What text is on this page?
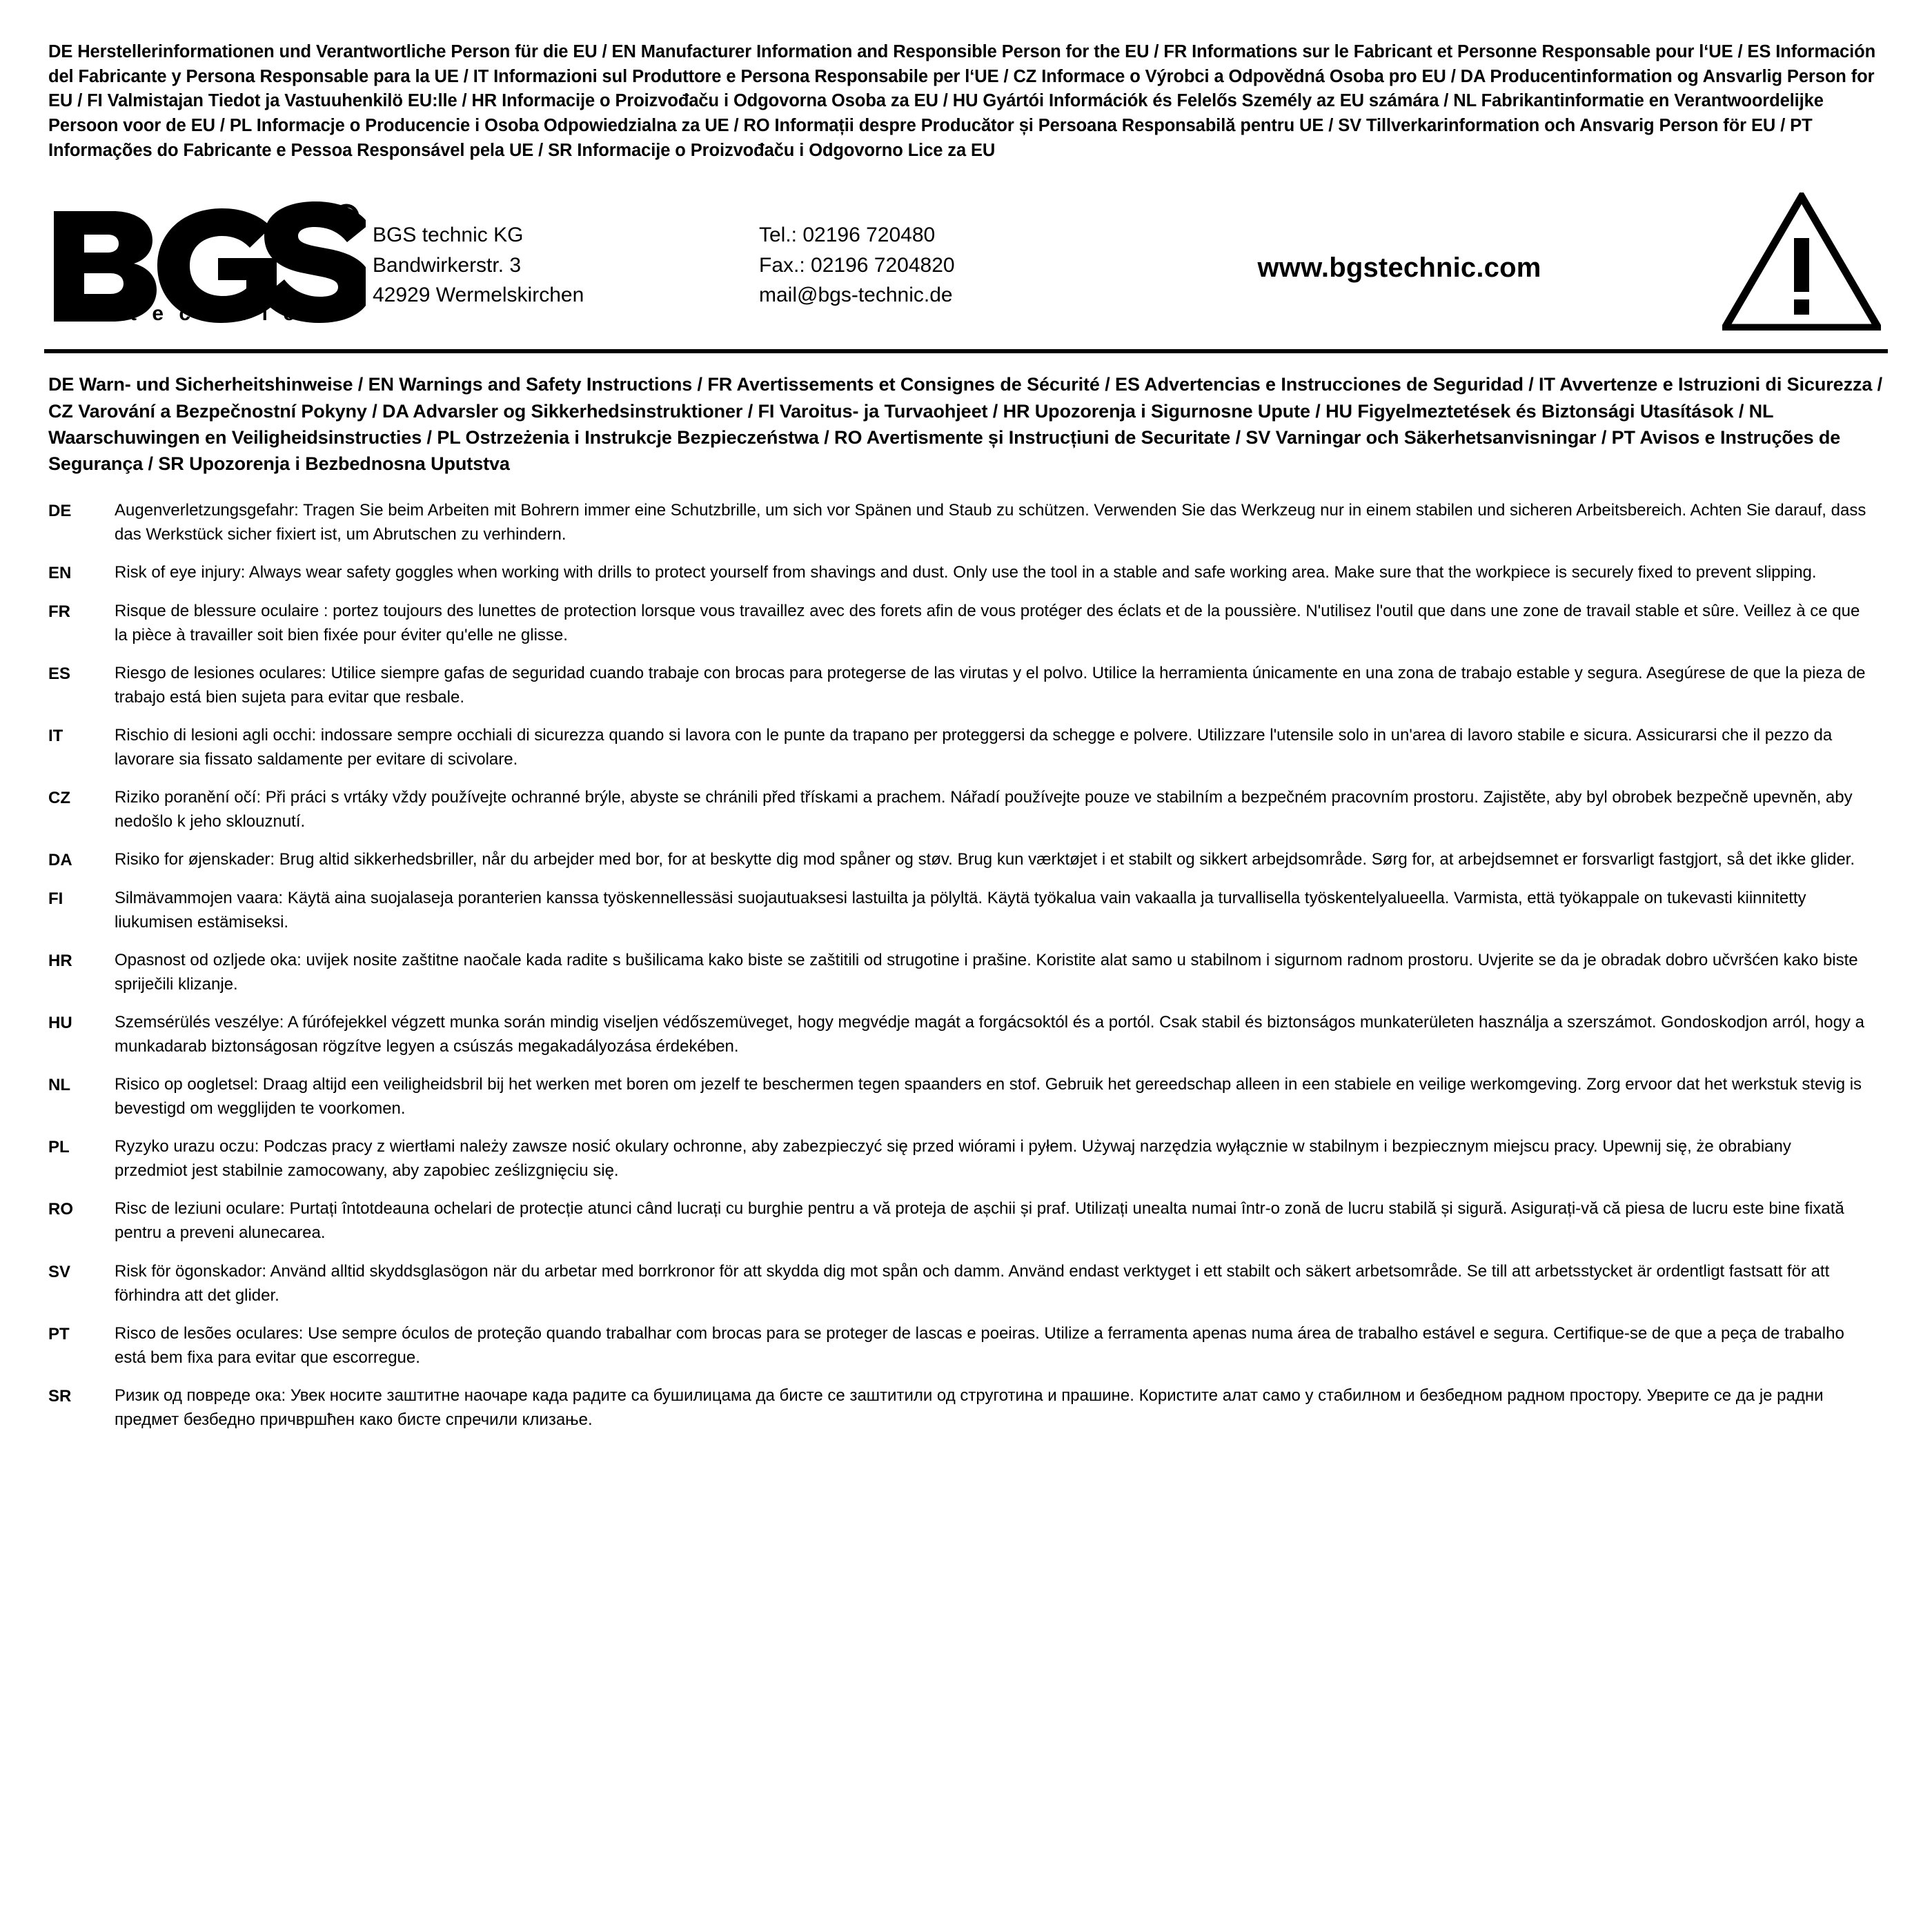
DE Herstellerinformationen und Verantwortliche Person für die EU / EN Manufacturer Information and Responsible Person for the EU / FR Informations sur le Fabricant et Personne Responsable pour l‘UE / ES Información del Fabricante y Persona Responsable para la UE / IT Informazioni sul Produttore e Persona Responsabile per l‘UE / CZ Informace o Výrobci a Odpovědná Osoba pro EU / DA Producentinformation og Ansvarlig Person for EU / FI Valmistajan Tiedot ja Vastuuhenkilö EU:lle / HR Informacije o Proizvođaču i Odgovorna Osoba za EU / HU Gyártói Információk és Felelős Személy az EU számára / NL Fabrikantinformatie en Verantwoordelijke Persoon voor de EU / PL Informacje o Producencie i Osoba Odpowiedzialna za UE / RO Informații despre Producător și Persoana Responsabilă pentru UE / SV Tillverkarinformation och Ansvarig Person för EU / PT Informações do Fabricante e Pessoa Responsável pela UE / SR Informacije o Proizvođaču i Odgovorno Lice za EU
R
t e c h n i c
BGS technic KG
Bandwirkerstr. 3
42929 Wermelskirchen
Tel.: 02196 720480
Fax.: 02196 7204820
mail@bgs-technic.de
www.bgstechnic.com
DE Warn- und Sicherheitshinweise / EN Warnings and Safety Instructions / FR Avertissements et Consignes de Sécurité / ES Advertencias e Instrucciones de Seguridad / IT Avvertenze e Istruzioni di Sicurezza / CZ Varování a Bezpečnostní Pokyny / DA Advarsler og Sikkerhedsinstruktioner / FI Varoitus- ja Turvaohjeet / HR Upozorenja i Sigurnosne Upute / HU Figyelmeztetések és Biztonsági Utasítások / NL Waarschuwingen en Veiligheidsinstructies / PL Ostrzeżenia i Instrukcje Bezpieczeństwa / RO Avertismente și Instrucțiuni de Securitate / SV Varningar och Säkerhetsanvisningar / PT Avisos e Instruções de Segurança / SR Upozorenja i Bezbednosna Uputstva
DE	Augenverletzungsgefahr: Tragen Sie beim Arbeiten mit Bohrern immer eine Schutzbrille, um sich vor Spänen und Staub zu schützen. Verwenden Sie das Werkzeug nur in einem stabilen und sicheren Arbeitsbereich. Achten Sie darauf, dass das Werkstück sicher fixiert ist, um Abrutschen zu verhindern.
EN	Risk of eye injury: Always wear safety goggles when working with drills to protect yourself from shavings and dust. Only use the tool in a stable and safe working area. Make sure that the workpiece is securely fixed to prevent slipping.
FR	Risque de blessure oculaire : portez toujours des lunettes de protection lorsque vous travaillez avec des forets afin de vous protéger des éclats et de la poussière. N'utilisez l'outil que dans une zone de travail stable et sûre. Veillez à ce que la pièce à travailler soit bien fixée pour éviter qu'elle ne glisse.
ES	Riesgo de lesiones oculares: Utilice siempre gafas de seguridad cuando trabaje con brocas para protegerse de las virutas y el polvo. Utilice la herramienta únicamente en una zona de trabajo estable y segura. Asegúrese de que la pieza de trabajo está bien sujeta para evitar que resbale.
IT	Rischio di lesioni agli occhi: indossare sempre occhiali di sicurezza quando si lavora con le punte da trapano per proteggersi da schegge e polvere. Utilizzare l'utensile solo in un'area di lavoro stabile e sicura. Assicurarsi che il pezzo da lavorare sia fissato saldamente per evitare di scivolare.
CZ	Riziko poranění očí: Při práci s vrtáky vždy používejte ochranné brýle, abyste se chránili před třískami a prachem. Nářadí používejte pouze ve stabilním a bezpečném pracovním prostoru. Zajistěte, aby byl obrobek bezpečně upevněn, aby nedošlo k jeho sklouznutí.
DA	Risiko for øjenskader: Brug altid sikkerhedsbriller, når du arbejder med bor, for at beskytte dig mod spåner og støv. Brug kun værktøjet i et stabilt og sikkert arbejdsområde. Sørg for, at arbejdsemnet er forsvarligt fastgjort, så det ikke glider.
FI	Silmävammojen vaara: Käytä aina suojalaseja poranterien kanssa työskennellessäsi suojautuaksesi lastuilta ja pölyltä. Käytä työkalua vain vakaalla ja turvallisella työskentelyalueella. Varmista, että työkappale on tukevasti kiinnitetty liukumisen estämiseksi.
HR	Opasnost od ozljede oka: uvijek nosite zaštitne naočale kada radite s bušilicama kako biste se zaštitili od strugotine i prašine. Koristite alat samo u stabilnom i sigurnom radnom prostoru. Uvjerite se da je obradak dobro učvršćen kako biste spriječili klizanje.
HU	Szemsérülés veszélye: A fúrófejekkel végzett munka során mindig viseljen védőszemüveget, hogy megvédje magát a forgácsoktól és a portól. Csak stabil és biztonságos munkaterületen használja a szerszámot. Gondoskodjon arról, hogy a munkadarab biztonságosan rögzítve legyen a csúszás megakadályozása érdekében.
NL	Risico op oogletsel: Draag altijd een veiligheidsbril bij het werken met boren om jezelf te beschermen tegen spaanders en stof. Gebruik het gereedschap alleen in een stabiele en veilige werkomgeving. Zorg ervoor dat het werkstuk stevig is bevestigd om wegglijden te voorkomen.
PL	Ryzyko urazu oczu: Podczas pracy z wiertłami należy zawsze nosić okulary ochronne, aby zabezpieczyć się przed wiórami i pyłem. Używaj narzędzia wyłącznie w stabilnym i bezpiecznym miejscu pracy. Upewnij się, że obrabiany przedmiot jest stabilnie zamocowany, aby zapobiec ześlizgnięciu się.
RO	Risc de leziuni oculare: Purtați întotdeauna ochelari de protecție atunci când lucrați cu burghie pentru a vă proteja de așchii și praf. Utilizați unealta numai într-o zonă de lucru stabilă și sigură. Asigurați-vă că piesa de lucru este bine fixată pentru a preveni alunecarea.
SV	Risk för ögonskador: Använd alltid skyddsglasögon när du arbetar med borrkronor för att skydda dig mot spån och damm. Använd endast verktyget i ett stabilt och säkert arbetsområde. Se till att arbetsstycket är ordentligt fastsatt för att förhindra att det glider.
PT	Risco de lesões oculares: Use sempre óculos de proteção quando trabalhar com brocas para se proteger de lascas e poeiras. Utilize a ferramenta apenas numa área de trabalho estável e segura. Certifique-se de que a peça de trabalho está bem fixa para evitar que escorregue.
SR	Ризик од повреде ока: Увек носите заштитне наочаре када радите са бушилицама да бисте се заштитили од струготина и прашине. Користите алат само у стабилном и безбедном радном простору. Уверите се да је радни предмет безбедно причвршћен како бисте спречили клизање.
